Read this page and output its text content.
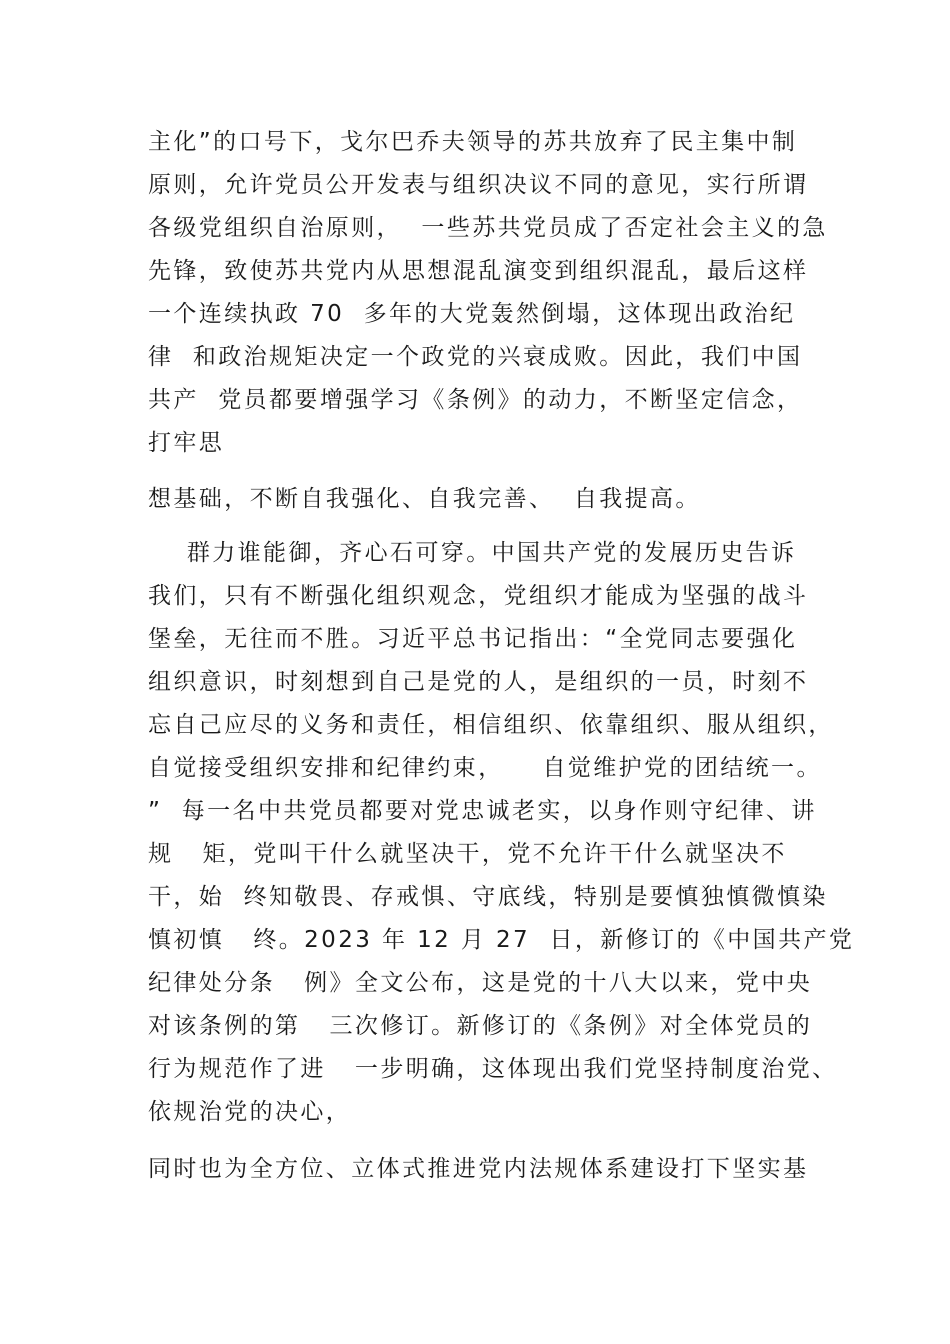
主化”的口号下，戈尔巴乔夫领导的苏共放弃了民主集中制
原则，允许党员公开发表与组织决议不同的意见，实行所谓
各级党组织自治原则，  一些苏共党员成了否定社会主义的急
先锋，致使苏共党内从思想混乱演变到组织混乱，最后这样
一个连续执政 70  多年的大党轰然倒塌，这体现出政治纪
律  和政治规矩决定一个政党的兴衰成败。因此，我们中国
共产  党员都要增强学习《条例》的动力，不断坚定信念，
打牢思
想基础，不断自我强化、自我完善、  自我提高。
群力谁能御，齐心石可穿。中国共产党的发展历史告诉
我们，只有不断强化组织观念，党组织才能成为坚强的战斗
堡垒，无往而不胜。习近平总书记指出：“全党同志要强化
组织意识，时刻想到自己是党的人，是组织的一员，时刻不
忘自己应尽的义务和责任，相信组织、依靠组织、服从组织，
自觉接受组织安排和纪律约束，    自觉维护党的团结统一。
”  每一名中共党员都要对党忠诚老实，以身作则守纪律、讲
规   矩，党叫干什么就坚决干，党不允许干什么就坚决不
干，始  终知敬畏、存戒惧、守底线，特别是要慎独慎微慎染
慎初慎   终。2023 年 12 月 27  日，新修订的《中国共产党
纪律处分条   例》全文公布，这是党的十八大以来，党中央
对该条例的第   三次修订。新修订的《条例》对全体党员的
行为规范作了进   一步明确，这体现出我们党坚持制度治党、
依规治党的决心，
同时也为全方位、立体式推进党内法规体系建设打下坚实基
